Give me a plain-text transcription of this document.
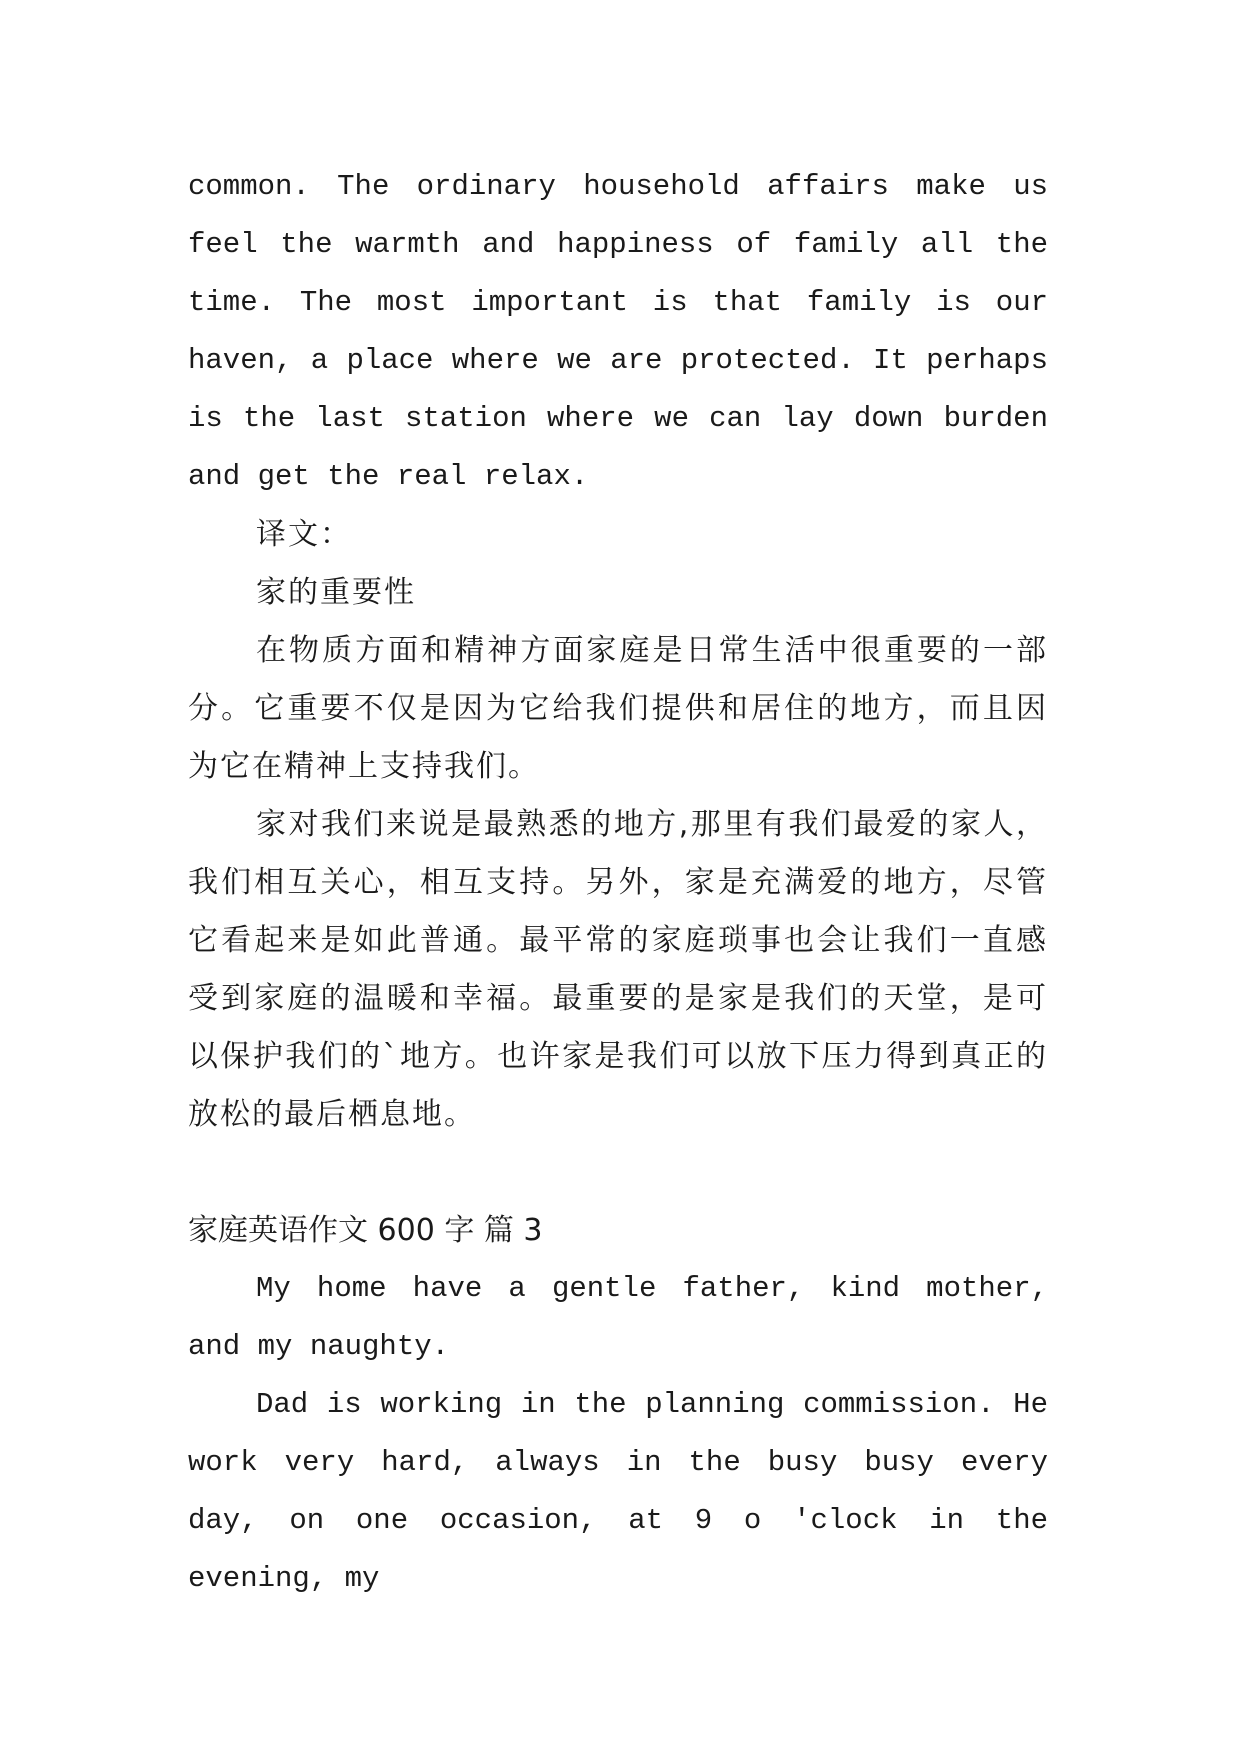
common. The ordinary household affairs make us feel the warmth and happiness of family all the time. The most important is that family is our haven, a place where we are protected. It perhaps is the last station where we can lay down burden and get the real relax.

译文：

家的重要性

在物质方面和精神方面家庭是日常生活中很重要的一部分。它重要不仅是因为它给我们提供和居住的地方，而且因为它在精神上支持我们。

家对我们来说是最熟悉的地方,那里有我们最爱的家人，我们相互关心，相互支持。另外，家是充满爱的地方，尽管它看起来是如此普通。最平常的家庭琐事也会让我们一直感受到家庭的温暖和幸福。最重要的是家是我们的天堂，是可以保护我们的`地方。也许家是我们可以放下压力得到真正的放松的最后栖息地。

家庭英语作文 600 字 篇 3

My home have a gentle father, kind mother, and my naughty.

Dad is working in the planning commission. He work very hard, always in the busy busy every day, on one occasion, at 9 o 'clock in the evening, my
